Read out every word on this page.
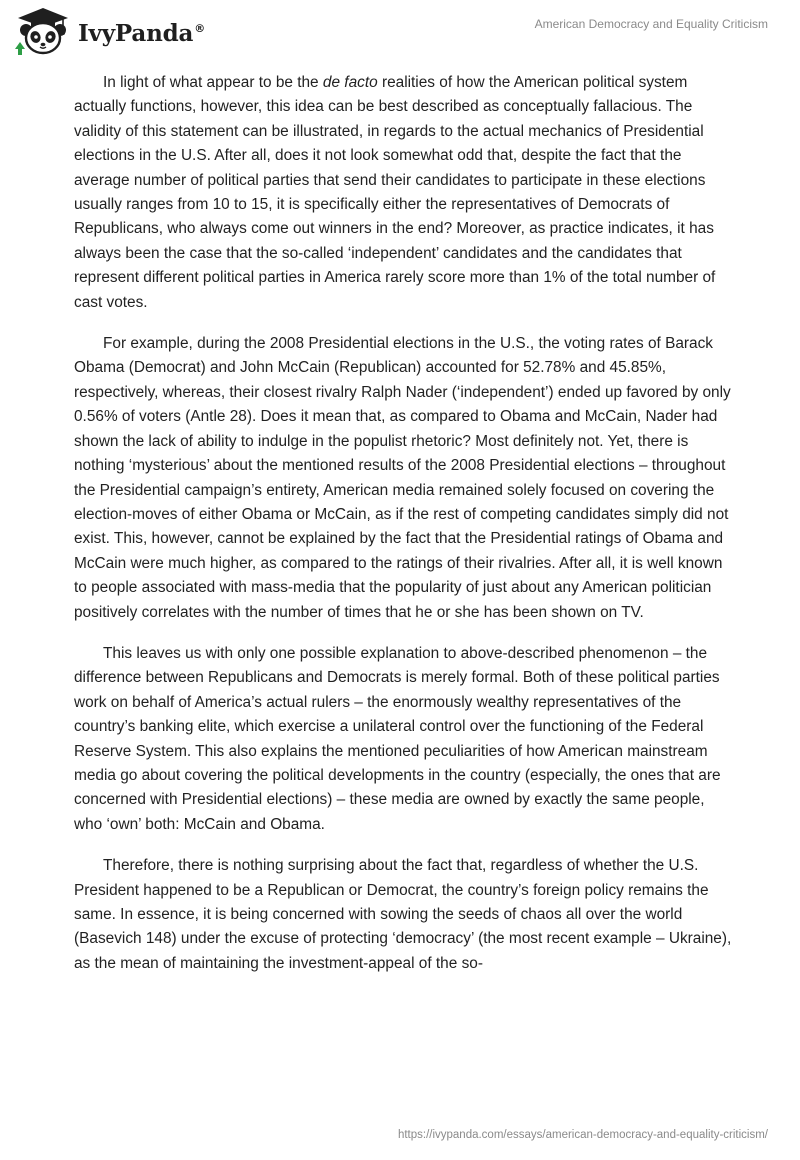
IvyPanda®	American Democracy and Equality Criticism

In light of what appear to be the de facto realities of how the American political system actually functions, however, this idea can be best described as conceptually fallacious. The validity of this statement can be illustrated, in regards to the actual mechanics of Presidential elections in the U.S. After all, does it not look somewhat odd that, despite the fact that the average number of political parties that send their candidates to participate in these elections usually ranges from 10 to 15, it is specifically either the representatives of Democrats of Republicans, who always come out winners in the end? Moreover, as practice indicates, it has always been the case that the so-called ‘independent’ candidates and the candidates that represent different political parties in America rarely score more than 1% of the total number of cast votes.

For example, during the 2008 Presidential elections in the U.S., the voting rates of Barack Obama (Democrat) and John McCain (Republican) accounted for 52.78% and 45.85%, respectively, whereas, their closest rivalry Ralph Nader (‘independent’) ended up favored by only 0.56% of voters (Antle 28). Does it mean that, as compared to Obama and McCain, Nader had shown the lack of ability to indulge in the populist rhetoric? Most definitely not. Yet, there is nothing ‘mysterious’ about the mentioned results of the 2008 Presidential elections – throughout the Presidential campaign’s entirety, American media remained solely focused on covering the election-moves of either Obama or McCain, as if the rest of competing candidates simply did not exist. This, however, cannot be explained by the fact that the Presidential ratings of Obama and McCain were much higher, as compared to the ratings of their rivalries. After all, it is well known to people associated with mass-media that the popularity of just about any American politician positively correlates with the number of times that he or she has been shown on TV.

This leaves us with only one possible explanation to above-described phenomenon – the difference between Republicans and Democrats is merely formal. Both of these political parties work on behalf of America’s actual rulers – the enormously wealthy representatives of the country’s banking elite, which exercise a unilateral control over the functioning of the Federal Reserve System. This also explains the mentioned peculiarities of how American mainstream media go about covering the political developments in the country (especially, the ones that are concerned with Presidential elections) – these media are owned by exactly the same people, who ‘own’ both: McCain and Obama.

Therefore, there is nothing surprising about the fact that, regardless of whether the U.S. President happened to be a Republican or Democrat, the country’s foreign policy remains the same. In essence, it is being concerned with sowing the seeds of chaos all over the world (Basevich 148) under the excuse of protecting ‘democracy’ (the most recent example – Ukraine), as the mean of maintaining the investment-appeal of the so-

https://ivypanda.com/essays/american-democracy-and-equality-criticism/
